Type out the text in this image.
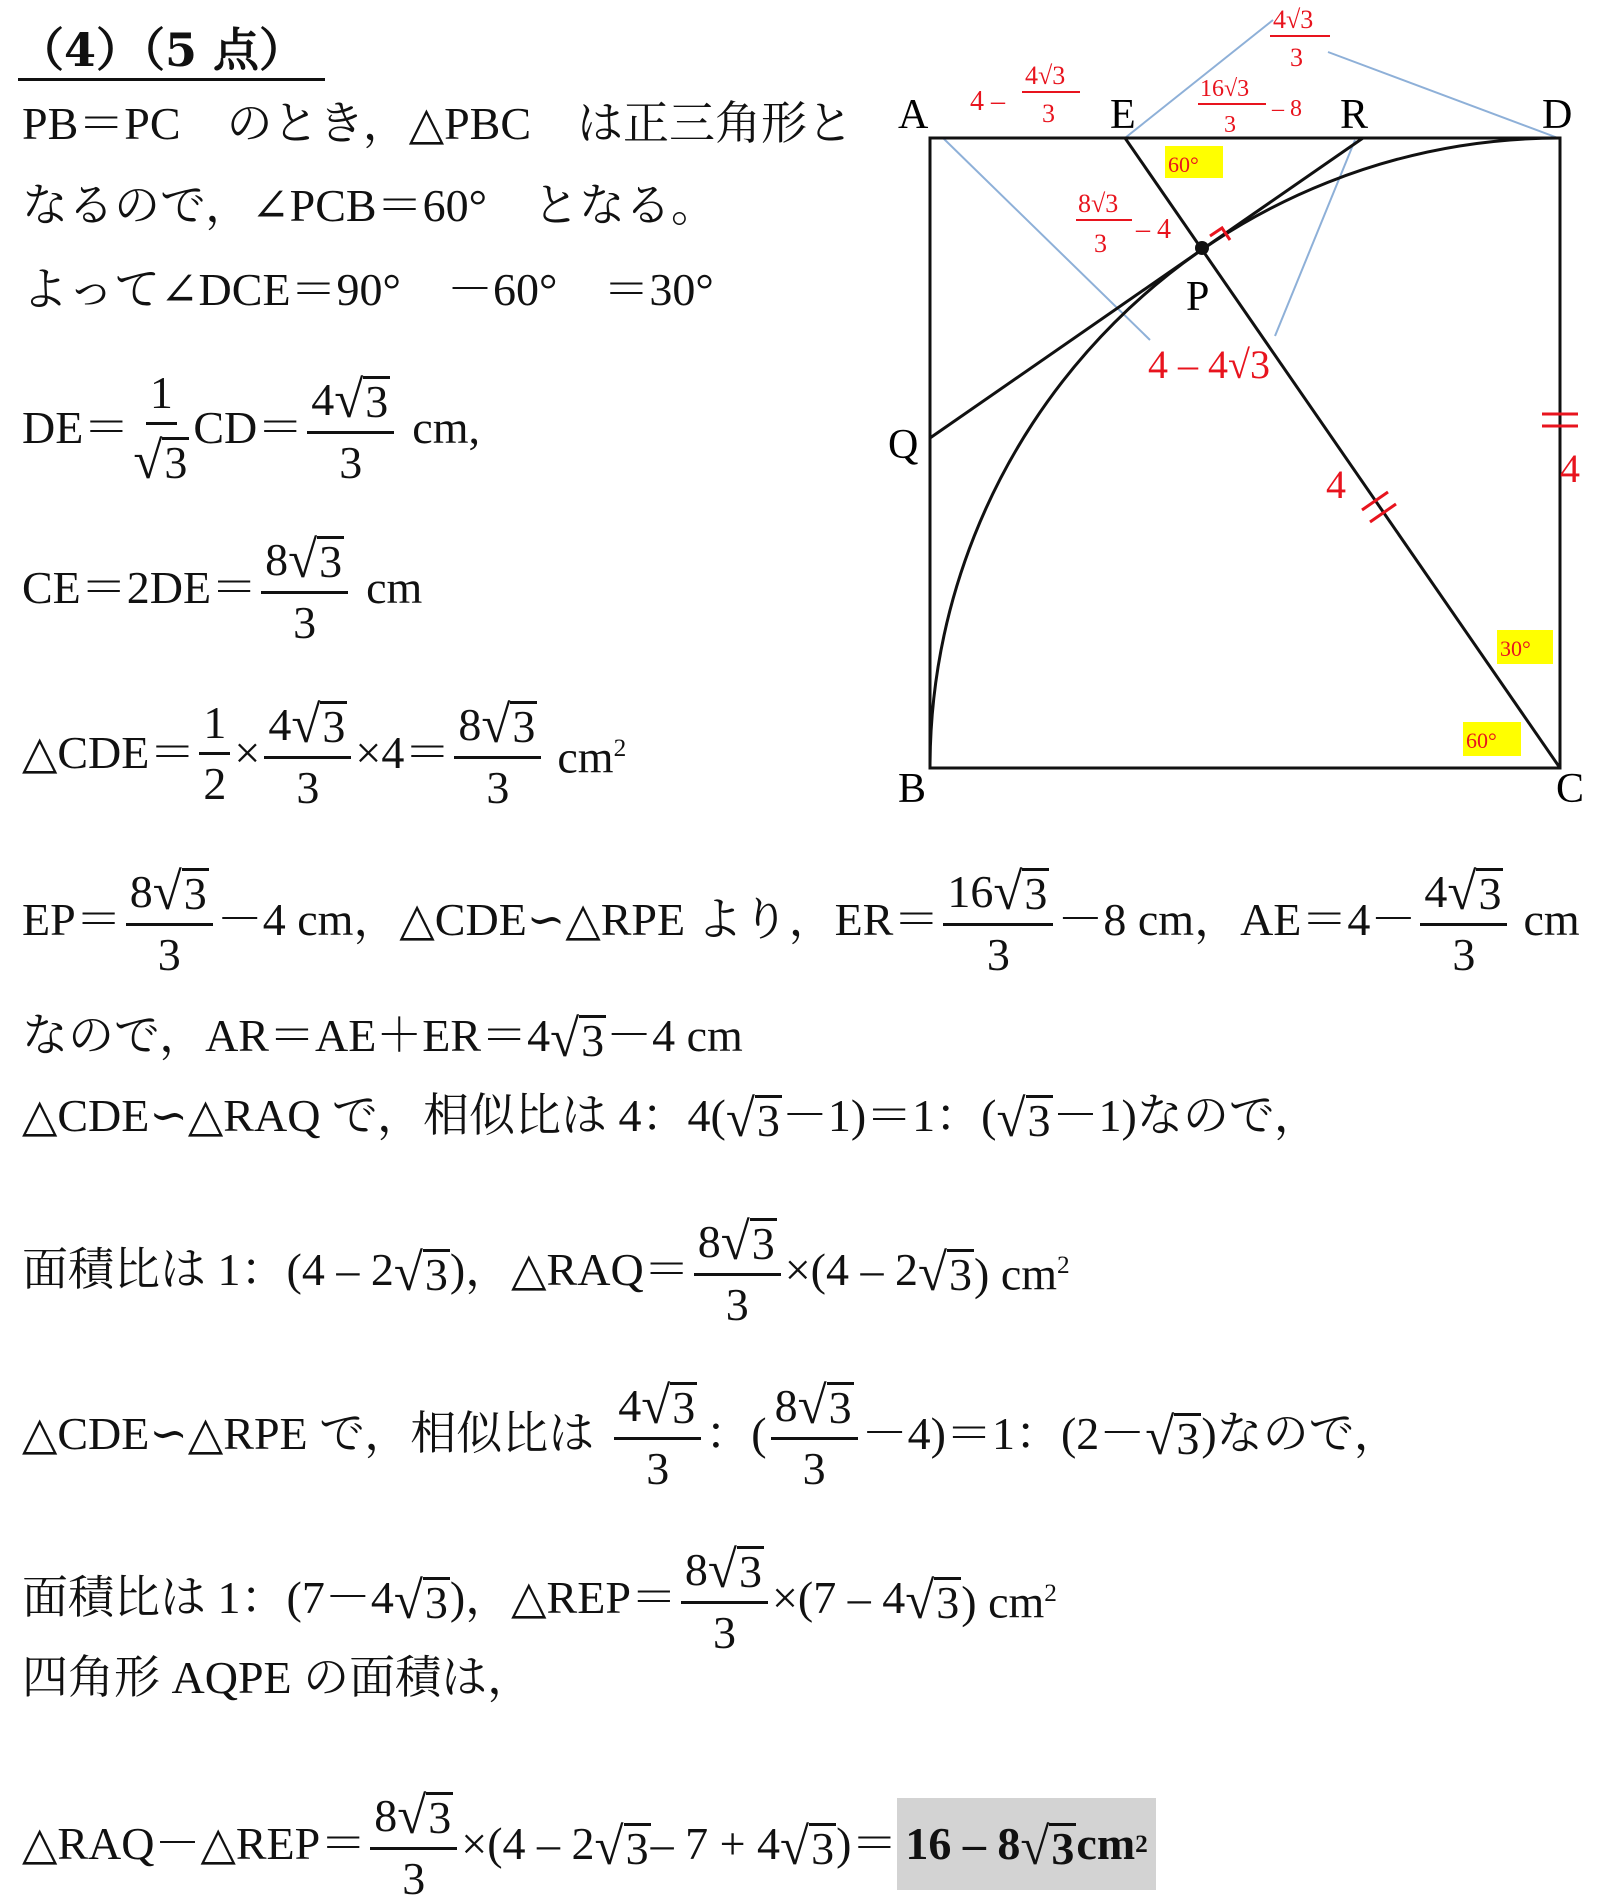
（4）（5 点）
PB＝PC　のとき，△PBC　は正三角形と
なるので，∠PCB＝60°　となる。
よって∠DCE＝90°　－60°　＝30°
$DE= \frac{1}{√ 3} CD= \frac{4 √ 3}{3}$ cm,
$CE=2DE= \frac{8 √ 3}{3}$ cm
△CDE＝ $\frac{1}{2} \times \frac{4 √ 3}{3} \times 4= \frac{8 √ 3}{3} cm^2$
$EP= \frac{8 √ 3}{3} -4$ cm，△CDE∽△RPE より，$ER= \frac{16 √ 3}{3} -8$ cm，$AE=4- \frac{4 √ 3}{3}$ cm
なので，AR＝AE＋ER＝4 √ 3 －4 cm
△CDE∽△RAQ で，相似比は 4：4( √ 3 －1)＝1：( √ 3 －1)なので，
面積比は 1：(4 – 2 √ 3 )，△RAQ＝ $\frac{8 √ 3}{3} \times(4 - 2$ √ 3 ) $cm^2$
△CDE∽△RPE で，相似比は $\frac{4 √ 3}{3}$ ：( $\frac{8 √ 3}{3} -4)=1$：(2－ √ 3 )なので，
面積比は 1：(7－4 √ 3 )，△REP＝ $\frac{8 √ 3}{3} \times(7 - 4$ √ 3 ) $cm^2$
四角形 AQPE の面積は，
△RAQ－△REP＝ $\frac{8 √ 3}{3} \times(4 - 2$ √ 3 – 7 + 4 √ 3 )＝ 16 – 8 √ 3 cm 2
60°
30°
60°
A	E	R	D
B	C
P
Q
4 –
4√3
3
4√3
3
16√3
3
– 8
8√3
3 – 4
4 – 4√3
4	4
